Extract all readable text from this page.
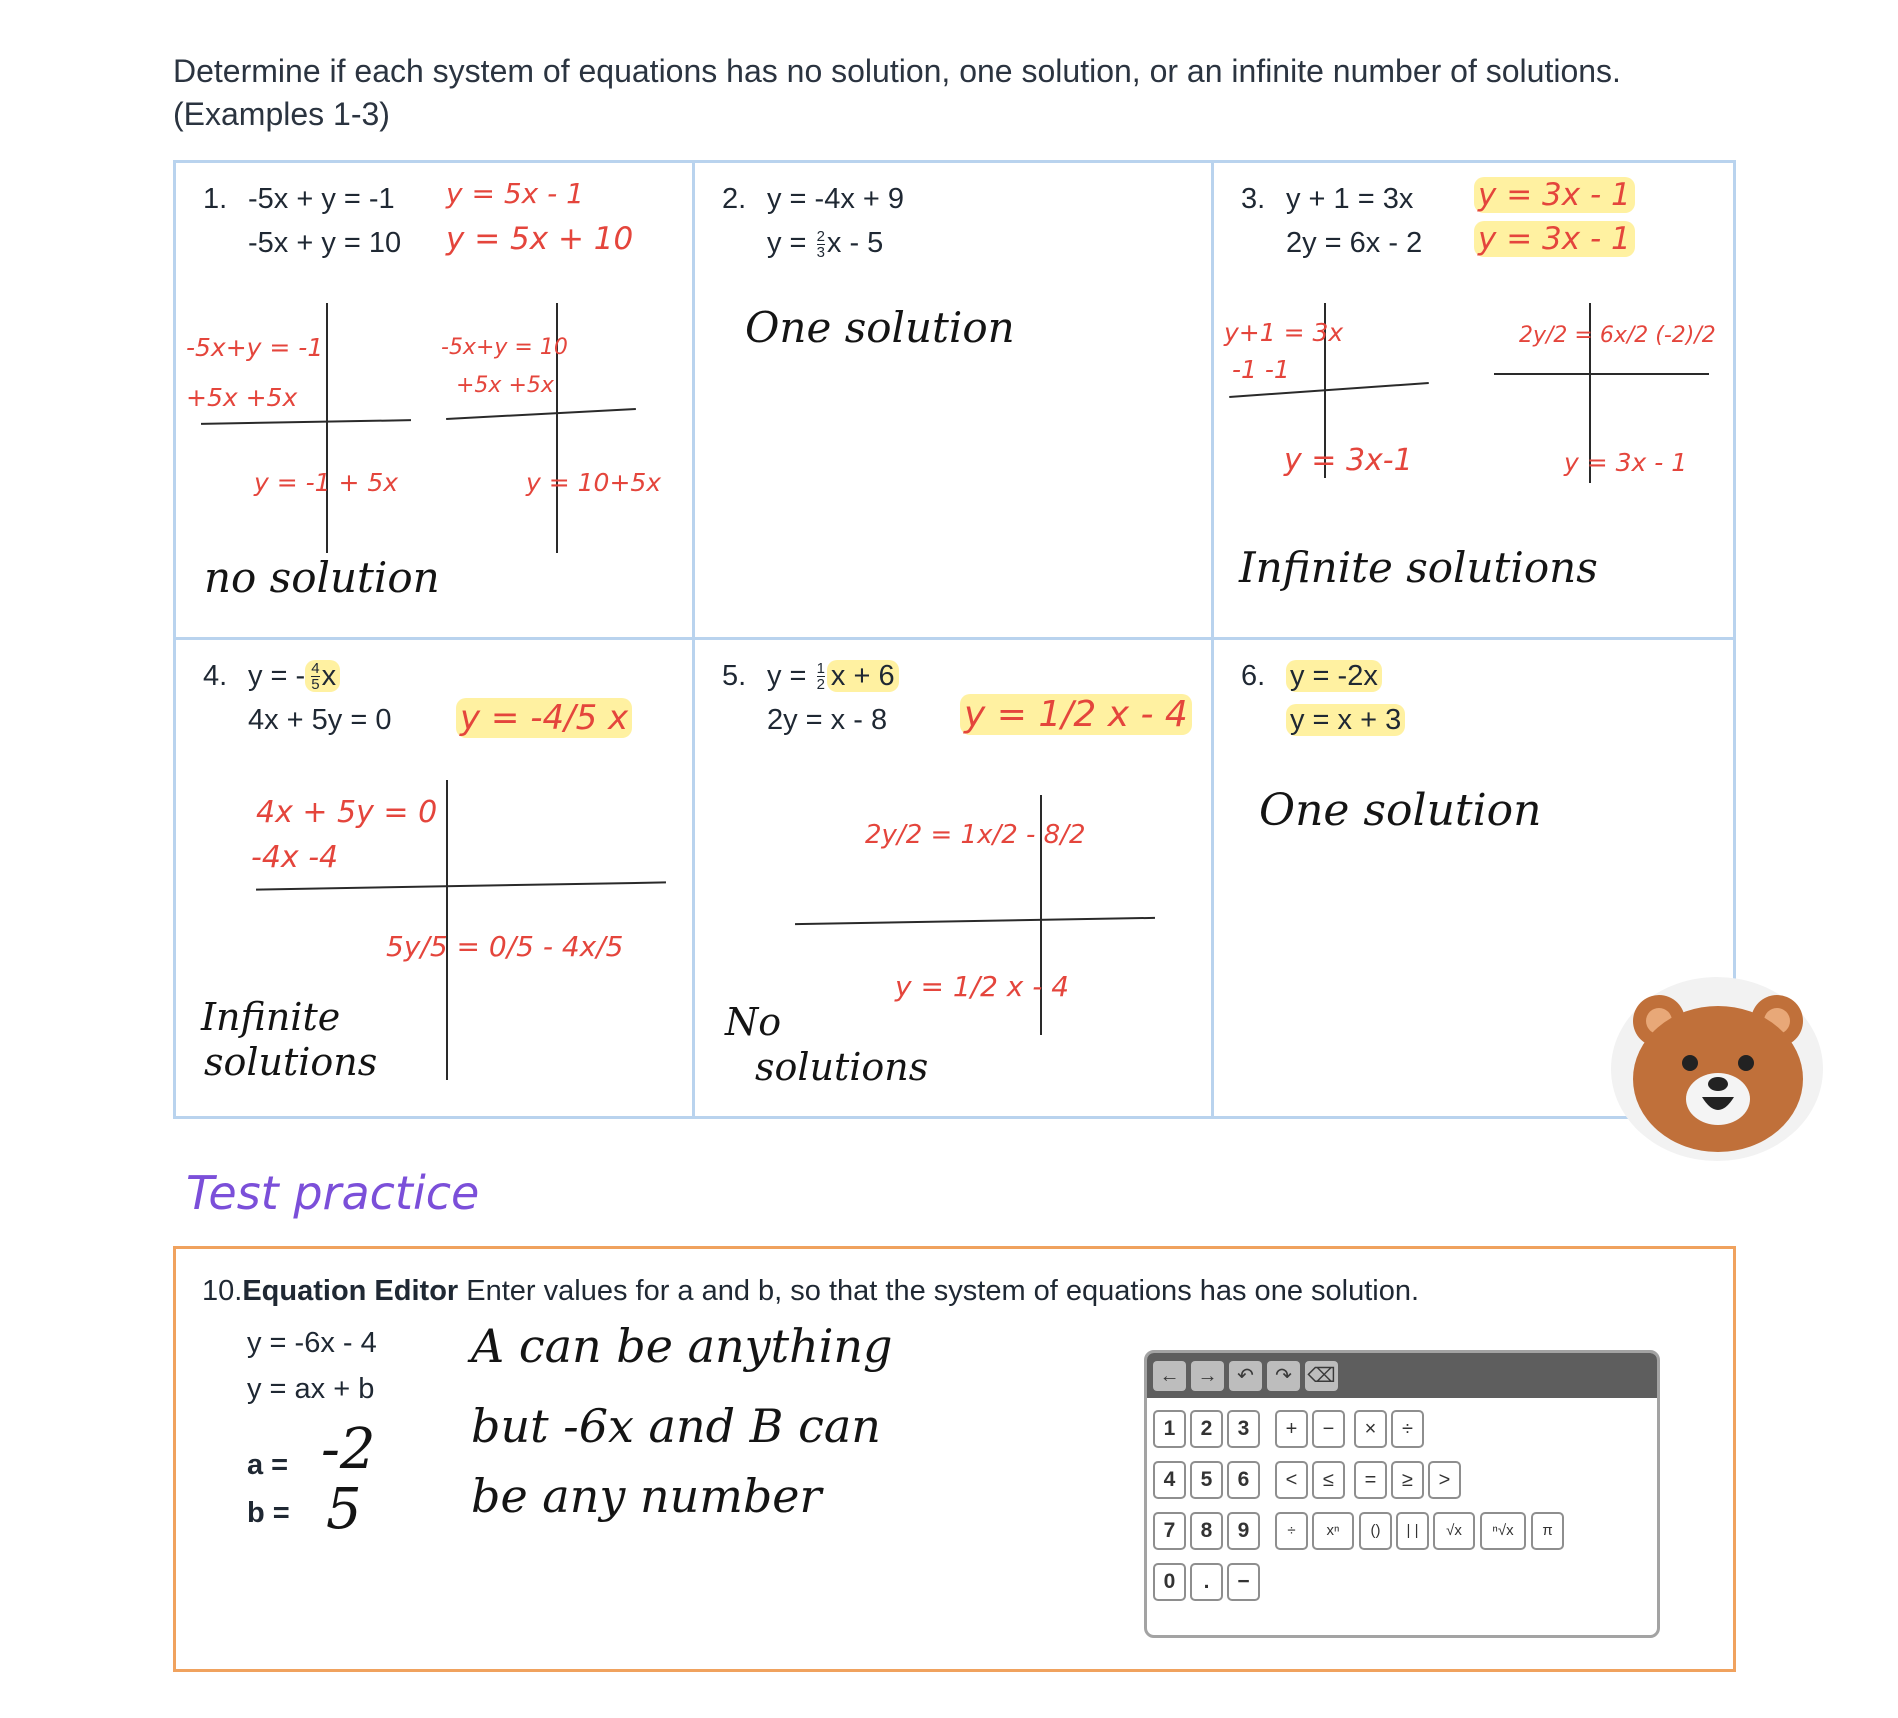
Determine if each system of equations has no solution, one solution, or an infinite number of solutions. (Examples 1-3)
1. -5x + y = -1
-5x + y = 10
y = 5x - 1
y = 5x + 10
-5x+y = -1
+5x +5x
y = -1 + 5x
-5x+y = 10
+5x +5x
y = 10+5x
no solution
2. y = -4x + 9
$y = \frac{2}{3}$ x - 5
One solution
3. y + 1 = 3x
2y = 6x - 2
y = 3x - 1
y = 3x - 1
y+1 = 3x
-1 -1
y = 3x-1
2y/2 = 6x/2 (-2)/2
y = 3x - 1
Infinite solutions
4. y = - $\frac{4}{5}$ x
4x + 5y = 0 y = -4/5 x
4x + 5y = 0
-4x -4
5y/5 = 0/5 - 4x/5
Infinite
solutions
5. $y = \frac{1}{2}$ x + 6
2y = x - 8 y = 1/2 x - 4
2y/2 = 1x/2 - 8/2
y = 1/2 x - 4
No
solutions
6. y = -2x
y = x + 3
One solution
Test practice
10.Equation Editor Enter values for a and b, so that the system of equations has one solution.
y = -6x - 4
y = ax + b
a = -2
b = 5
A can be anything
but -6x and B can
be any number
← → ↶	↷ ⌫
1	2	3	+	−	×	÷
4	5	6	<	≤	=	≥	>
7	8	9	÷	xⁿ	()	| |	√x	ⁿ√x	π
0	.	−
